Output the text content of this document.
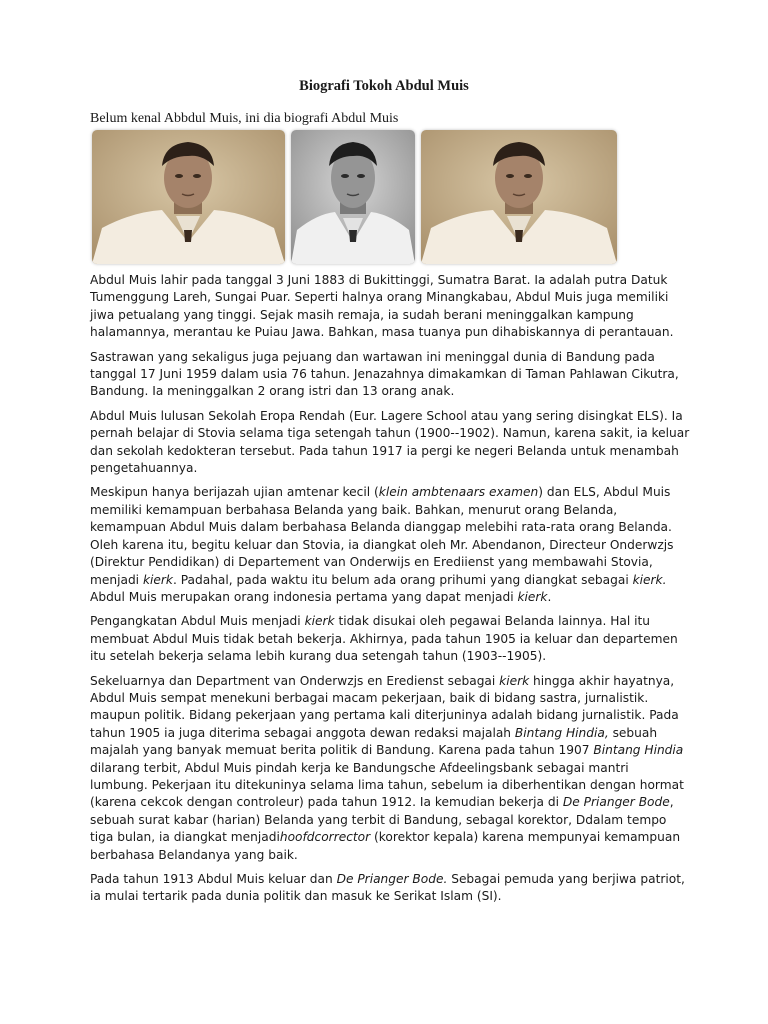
Biografi Tokoh Abdul Muis

Belum kenal Abbdul Muis, ini dia biografi Abdul Muis

Abdul Muis lahir pada tanggal 3 Juni 1883 di Bukittinggi, Sumatra Barat. Ia adalah putra Datuk Tumenggung Lareh, Sungai Puar. Seperti halnya orang Minangkabau, Abdul Muis juga memiliki jiwa petualang yang tinggi. Sejak masih remaja, ia sudah berani meninggalkan kampung halamannya, merantau ke Puiau Jawa. Bahkan, masa tuanya pun dihabiskannya di perantauan.

Sastrawan yang sekaligus juga pejuang dan wartawan ini meninggal dunia di Bandung pada tanggal 17 Juni 1959 dalam usia 76 tahun. Jenazahnya dimakamkan di Taman Pahlawan Cikutra, Bandung. Ia meninggalkan 2 orang istri dan 13 orang anak.

Abdul Muis lulusan Sekolah Eropa Rendah (Eur. Lagere School atau yang sering disingkat ELS). Ia pernah belajar di Stovia selama tiga setengah tahun (1900--1902). Namun, karena sakit, ia keluar dan sekolah kedokteran tersebut. Pada tahun 1917 ia pergi ke negeri Belanda untuk menambah pengetahuannya.

Meskipun hanya berijazah ujian amtenar kecil (klein ambtenaars examen) dan ELS, Abdul Muis memiliki kemampuan berbahasa Belanda yang baik. Bahkan, menurut orang Belanda, kemampuan Abdul Muis dalam berbahasa Belanda dianggap melebihi rata-rata orang Belanda. Oleh karena itu, begitu keluar dan Stovia, ia diangkat oleh Mr. Abendanon, Directeur Onderwzjs (Direktur Pendidikan) di Departement van Onderwijs en Erediienst yang membawahi Stovia, menjadi kierk. Padahal, pada waktu itu belum ada orang prihumi yang diangkat sebagai kierk. Abdul Muis merupakan orang indonesia pertama yang dapat menjadi kierk.

Pengangkatan Abdul Muis menjadi kierk tidak disukai oleh pegawai Belanda lainnya. Hal itu membuat Abdul Muis tidak betah bekerja. Akhirnya, pada tahun 1905 ia keluar dan departemen itu setelah bekerja selama lebih kurang dua setengah tahun (1903--1905).

Sekeluarnya dan Department van Onderwzjs en Eredienst sebagai kierk hingga akhir hayatnya, Abdul Muis sempat menekuni berbagai macam pekerjaan, baik di bidang sastra, jurnalistik. maupun politik. Bidang pekerjaan yang pertama kali diterjuninya adalah bidang jurnalistik. Pada tahun 1905 ia juga diterima sebagai anggota dewan redaksi majalah Bintang Hindia, sebuah majalah yang banyak memuat berita politik di Bandung. Karena pada tahun 1907 Bintang Hindia dilarang terbit, Abdul Muis pindah kerja ke Bandungsche Afdeelingsbank sebagai mantri lumbung. Pekerjaan itu ditekuninya selama lima tahun, sebelum ia diberhentikan dengan hormat (karena cekcok dengan controleur) pada tahun 1912. Ia kemudian bekerja di De Prianger Bode, sebuah surat kabar (harian) Belanda yang terbit di Bandung, sebagal korektor, Ddalam tempo tiga bulan, ia diangkat menjadihoofdcorrector (korektor kepala) karena mempunyai kemampuan berbahasa Belandanya yang baik.

Pada tahun 1913 Abdul Muis keluar dan De Prianger Bode. Sebagai pemuda yang berjiwa patriot, ia mulai tertarik pada dunia politik dan masuk ke Serikat Islam (SI).
